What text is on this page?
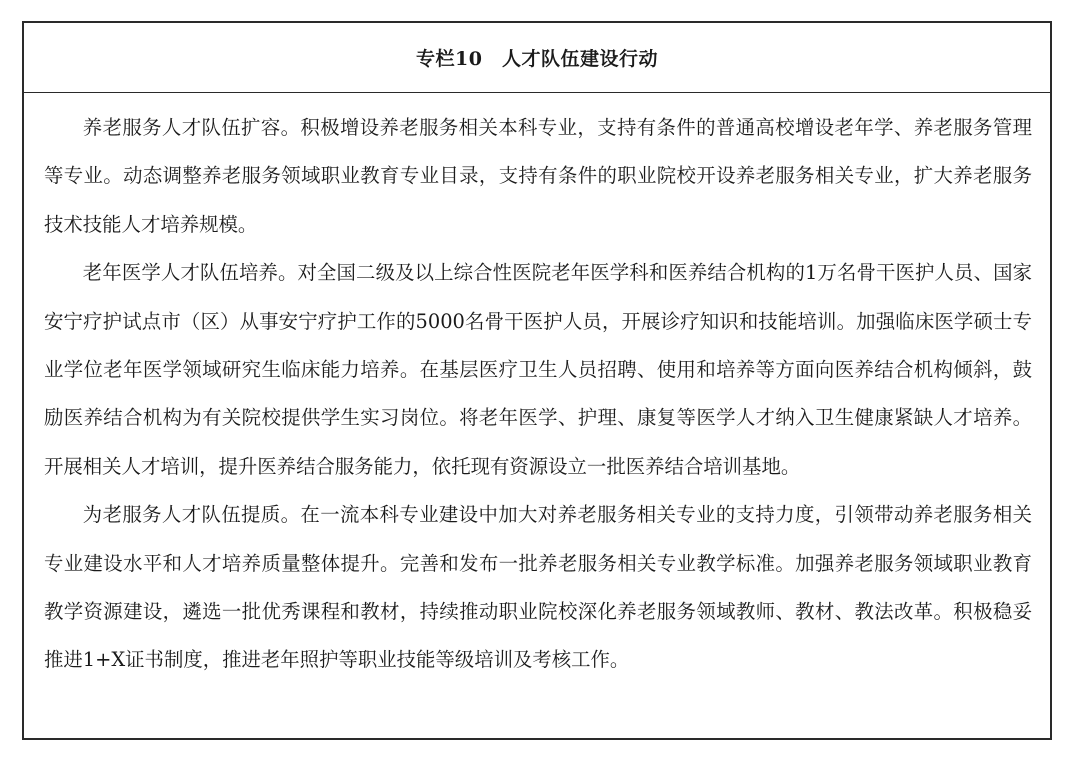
专栏10　人才队伍建设行动

养老服务人才队伍扩容。积极增设养老服务相关本科专业，支持有条件的普通高校增设老年学、养老服务管理等专业。动态调整养老服务领域职业教育专业目录，支持有条件的职业院校开设养老服务相关专业，扩大养老服务技术技能人才培养规模。

老年医学人才队伍培养。对全国二级及以上综合性医院老年医学科和医养结合机构的1万名骨干医护人员、国家安宁疗护试点市（区）从事安宁疗护工作的5000名骨干医护人员，开展诊疗知识和技能培训。加强临床医学硕士专业学位老年医学领域研究生临床能力培养。在基层医疗卫生人员招聘、使用和培养等方面向医养结合机构倾斜，鼓励医养结合机构为有关院校提供学生实习岗位。将老年医学、护理、康复等医学人才纳入卫生健康紧缺人才培养。开展相关人才培训，提升医养结合服务能力，依托现有资源设立一批医养结合培训基地。

为老服务人才队伍提质。在一流本科专业建设中加大对养老服务相关专业的支持力度，引领带动养老服务相关专业建设水平和人才培养质量整体提升。完善和发布一批养老服务相关专业教学标准。加强养老服务领域职业教育教学资源建设，遴选一批优秀课程和教材，持续推动职业院校深化养老服务领域教师、教材、教法改革。积极稳妥推进1+X证书制度，推进老年照护等职业技能等级培训及考核工作。
